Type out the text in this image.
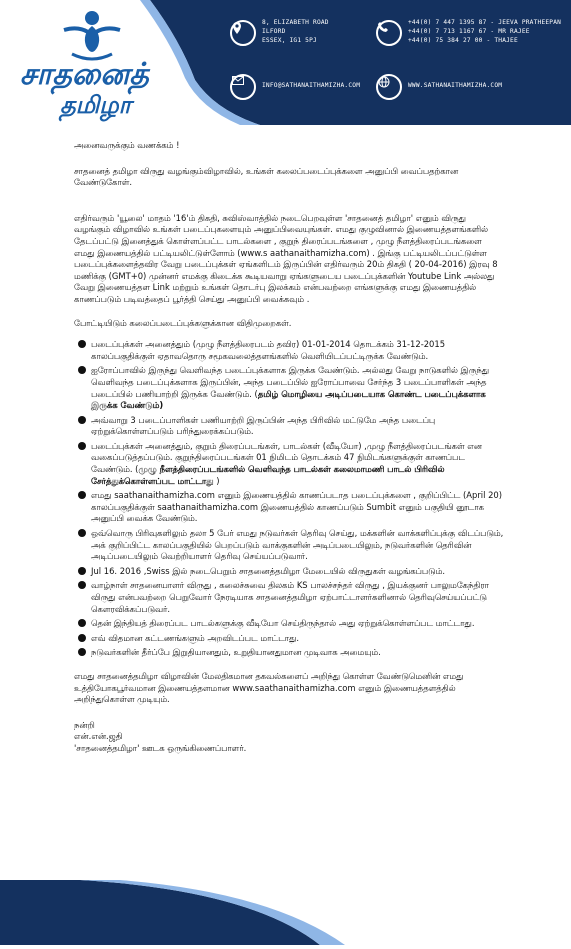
சாதனைத்
தமிழா
8, ELIZABETH ROAD
ILFORD
ESSEX, IG1 5PJ
+44(0) 7 447 1395 87 - JEEVA PRATHEEPAN
+44(0) 7 713 1167 67 - MR RAJEE
+44(0) 75 384 27 00 - THAJEE
INFO@SATHANAITHAMIZHA.COM	WWW.SATHANAITHAMIZHA.COM

அனைவருக்கும் வணக்கம் !

சாதனைத் தமிழா விருது வழங்கும்விழாவில், உங்கள் கலைப்படைப்புக்களை அனுப்பி வைப்பதற்கான வேண்டுகோள்.

எதிர்வரும் 'யூலை' மாதம் '16'ம் திகதி, சுவிஸ்வாத்தில் நடைபெறவுள்ள 'சாதனைத் தமிழா' எனும் விருது வழங்கும் விழாவில் உங்கள் படைப்புகளையும் அனுப்பிவையுங்கள். எமது குழுவினால் இணையத்தளங்களில் தேடப்பட்டு இனைத்துக் கொள்ளப்பட்ட பாடல்களை , குறுந் திரைப்படங்களை , முழு நீளத்திரைப்படங்களை எமது இணையத்தில் பட்டியலிட்டுள்ளோம் (www.s aathanaithamizha.com) . இங்கு பட்டியலிடப்பட்டுள்ள படைப்புக்களைத்தவிர வேறு படைப்புக்கள் ஏங்களிடம் இருப்பின் எதிர்வரும் 20ம் திகதி ( 20-04-2016) இரவு 8 மணிக்கு (GMT+0) முன்னர் எமக்கு கிடைக்க கூடியவாறு ஏங்களுடைய படைப்புக்களின் Youtube Link அல்லது வேறு இணையத்தள Link மற்றும் உங்கள் தொடர்பு இலக்கம் என்பவற்றை எங்களுக்கு எமது இணையத்தில் காணப்படும் படிவத்தைப் பூர்த்தி செய்து அனுப்பி வைக்கவும் .

போட்டியிடும் கலைப்படைப்புக்களுக்கான விதிமுறைகள்.

படைப்புக்கள் அனைத்தும் (முழு நீளத்திரைபடம் தவிர) 01-01-2014 தொடக்கம் 31-12-2015 காலப்பகுதிக்குள் ஏதாவதொரு சமூகவலைத்தளங்களில் வெளியிடப்பட்டிருக்க வேண்டும்.
ஐரோப்பாவில் இருந்து வெளிவந்த படைப்புக்களாக இருக்க வேண்டும். அல்லது வேறு நாடுகளில் இருந்து வெளிவந்த படைப்புக்களாக இருப்பின், அந்த படைப்பில் ஐரோப்பாவை சேர்ந்த 3 படைப்பாளிகள் அந்த படைப்பில் பணியாற்றி இருக்க வேண்டும். (தமிழ் மொழியை அடிப்படையாக கொண்ட படைப்புக்களாக இருக்க வேண்டும்)
அவ்வாறு 3 படைப்பாளிகள் பணியாற்றி இருப்பின் அந்த பிரிவில் மட்டுமே அந்த படைப்பு ஏற்றுக்கொள்ளப்படும் பரிந்துரைக்கப்படும்.
படைப்புக்கள் அனைத்தும், குறும் திரைப்படங்கள், பாடல்கள் (வீடியோ) ,முழு நீளத்திரைப்படங்கள் என வகைப்படுத்தப்படும். குறுந்திரைப்படங்கள் 01 நிமிடம் தொடக்கம் 47 நிமிடங்களுக்குள் காணப்பட வேண்டும். (முழு நீளத்திரைப்படங்களில் வெளிவந்த பாடல்கள் கலைமாமணி பாடல் பிரிவில் சேர்த்துக்கொள்ளப்பட மாட்டாது )
எமது saathanaithamizha.com எனும் இணையத்தில் காணப்படாத படைப்புக்களை , குறிப்பிட்ட (April 20) காலப்பகுதிக்குள் saathanaithamizha.com இணையத்தில் காணப்படும் Sumbit எனும் பகுதியி னூடாக அனுப்பி வைக்க வேண்டும்.
ஒவ்வொரு பிரிவுகளிலும் தலா 5 பேர் எமது நடுவர்கள் தெரிவு செய்து, மக்களின் வாக்களிப்புக்கு விடப்படும், அக் குறிப்பிட்ட காலப்பகுதியில் பெறப்படும் வாக்குகளின் அடிப்படையிலும், நடுவர்களின் தெரிவின் அடிப்படையிலும் வெற்றியாளர் தெரிவு செய்யப்படுவார்.
Jul 16. 2016 ,Swiss இல் நடைபெறும் சாதனைத்தமிழா மேடையில் விருதுகள் வழங்கப்படும்.
வாழ்நாள் சாதனையாளர் விருது , கலைச்சுவை திலகம் KS பாலச்சந்தர் விருது , இயக்குனர் பாலுமகேந்திரா விருது என்பவற்றை பெறுவோர் நேரடியாக சாதனைத்தமிழா ஏற்பாட்டாளர்களினால் தெரிவுசெய்யப்பட்டு கௌரவிக்கப்படுவர்.
தென் இந்தியத் திரைப்பட பாடல்களுக்கு வீடியோ செய்திருந்தால் அது ஏற்றுக்கொள்ளப்பட மாட்டாது.
எவ் விதமான கட்டணங்களும் அறவிடப்பட மாட்டாது.
நடுவர்களின் தீர்ப்பே இறுதியானதும், உறுதியானதுமான முடிவாக அமையும்.

எமது சாதனைத்தமிழா விழாவின் மேலதிகமான தகவல்களைப் அறிந்து கொள்ள வேண்டுமெனின் எமது உத்தியோகபூர்வமான இணையத்தளமான www.saathanaithamizha.com எனும் இணையத்தளத்தில் அறிந்துகொள்ள முடியும்.

நன்றி

என்.என்.ஜதி

'சாதனைத்தமிழா' ஊடக ஒருங்கிணைப்பாளர்.
